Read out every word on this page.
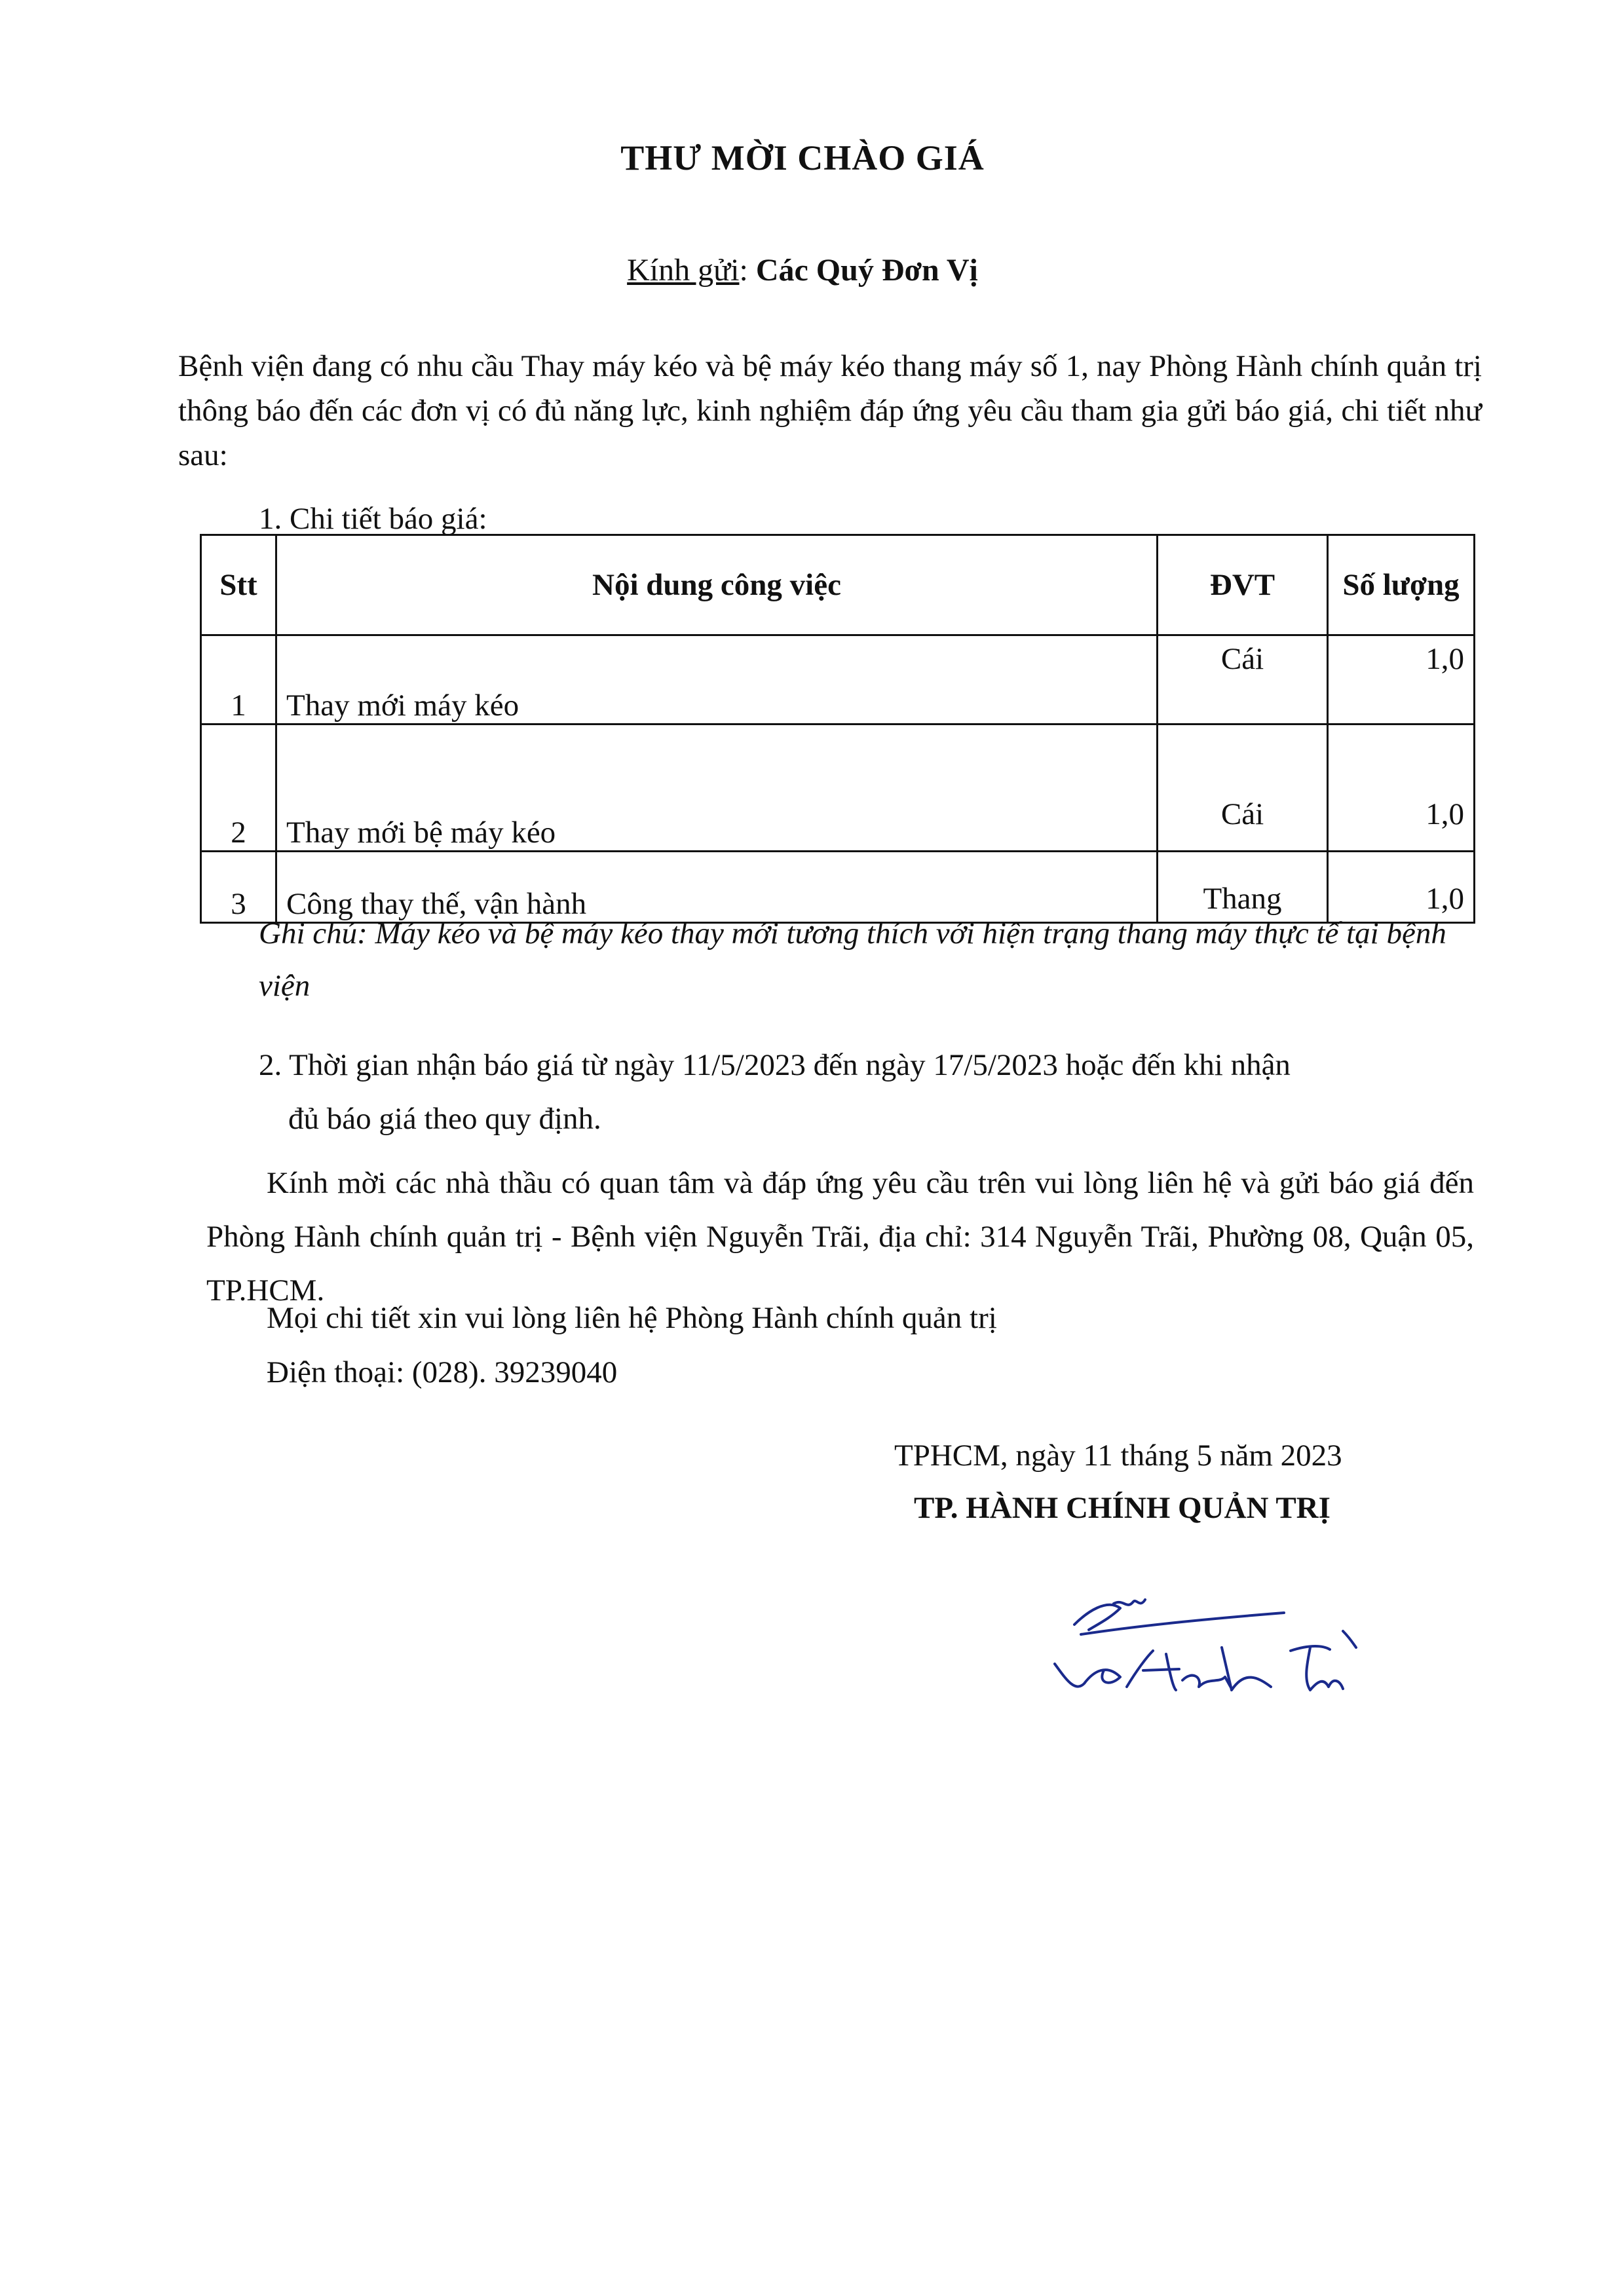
THƯ MỜI CHÀO GIÁ

Kính gửi: Các Quý Đơn Vị

Bệnh viện đang có nhu cầu Thay máy kéo và bệ máy kéo thang máy số 1, nay Phòng Hành chính quản trị thông báo đến các đơn vị có đủ năng lực, kinh nghiệm đáp ứng yêu cầu tham gia gửi báo giá, chi tiết như sau:

1. Chi tiết báo giá:

Stt	Nội dung công việc	ĐVT	Số lượng
1	Thay mới máy kéo	Cái	1,0
2	Thay mới bệ máy kéo	Cái	1,0
3	Công thay thế, vận hành	Thang	1,0

Ghi chú: Máy kéo và bệ máy kéo thay mới tương thích với hiện trạng thang máy thực tế tại bệnh viện

2. Thời gian nhận báo giá từ ngày 11/5/2023 đến ngày 17/5/2023 hoặc đến khi nhận
đủ báo giá theo quy định.

Kính mời các nhà thầu có quan tâm và đáp ứng yêu cầu trên vui lòng liên hệ và gửi báo giá đến Phòng Hành chính quản trị - Bệnh viện Nguyễn Trãi, địa chỉ: 314 Nguyễn Trãi, Phường 08, Quận 05, TP.HCM.

Mọi chi tiết xin vui lòng liên hệ Phòng Hành chính quản trị

Điện thoại: (028). 39239040

TPHCM, ngày 11 tháng 5 năm 2023

TP. HÀNH CHÍNH QUẢN TRỊ
